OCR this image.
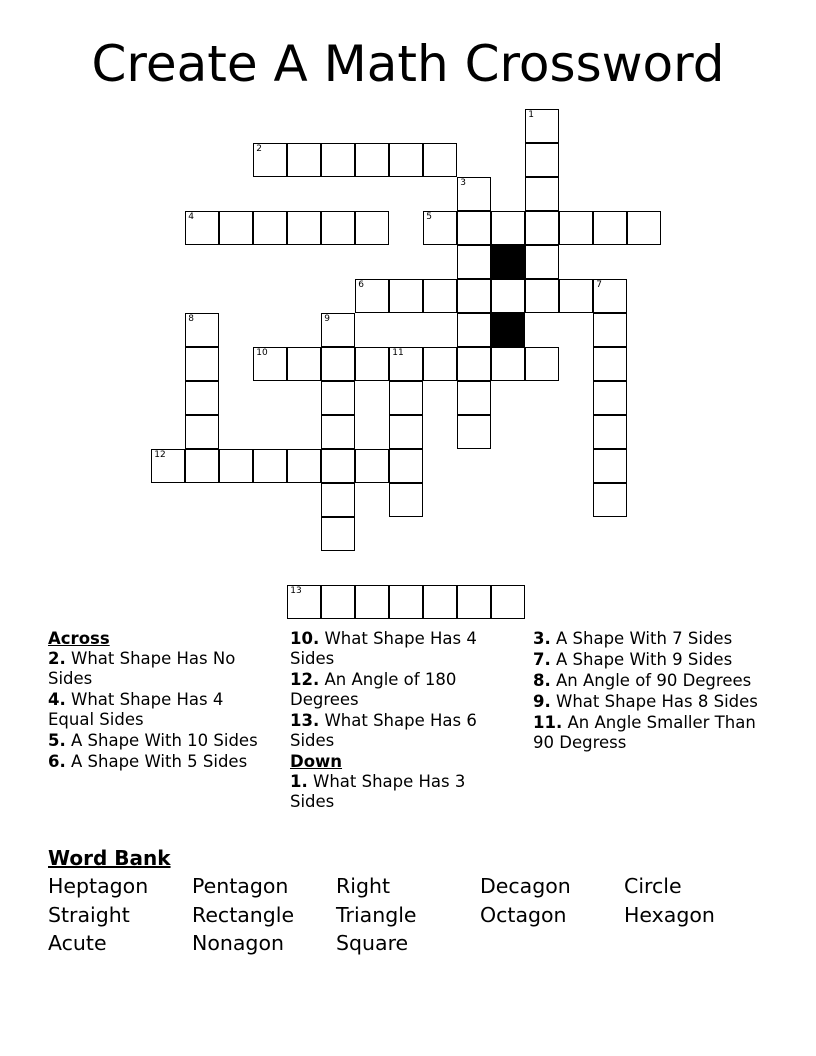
Create A Math Crossword
1
2
3
4	5
6	7
8	9
10	11
12
13
Across
2. What Shape Has No Sides
4. What Shape Has 4 Equal Sides
5. A Shape With 10 Sides
6. A Shape With 5 Sides
10. What Shape Has 4 Sides
12. An Angle of 180 Degrees
13. What Shape Has 6 Sides
Down
1. What Shape Has 3 Sides
3. A Shape With 7 Sides
7. A Shape With 9 Sides
8. An Angle of 90 Degrees
9. What Shape Has 8 Sides
11. An Angle Smaller Than 90 Degress
Word Bank
Heptagon Pentagon Right	Decagon	Circle
Straight	Rectangle Triangle	Octagon	Hexagon
Acute	Nonagon	Square
